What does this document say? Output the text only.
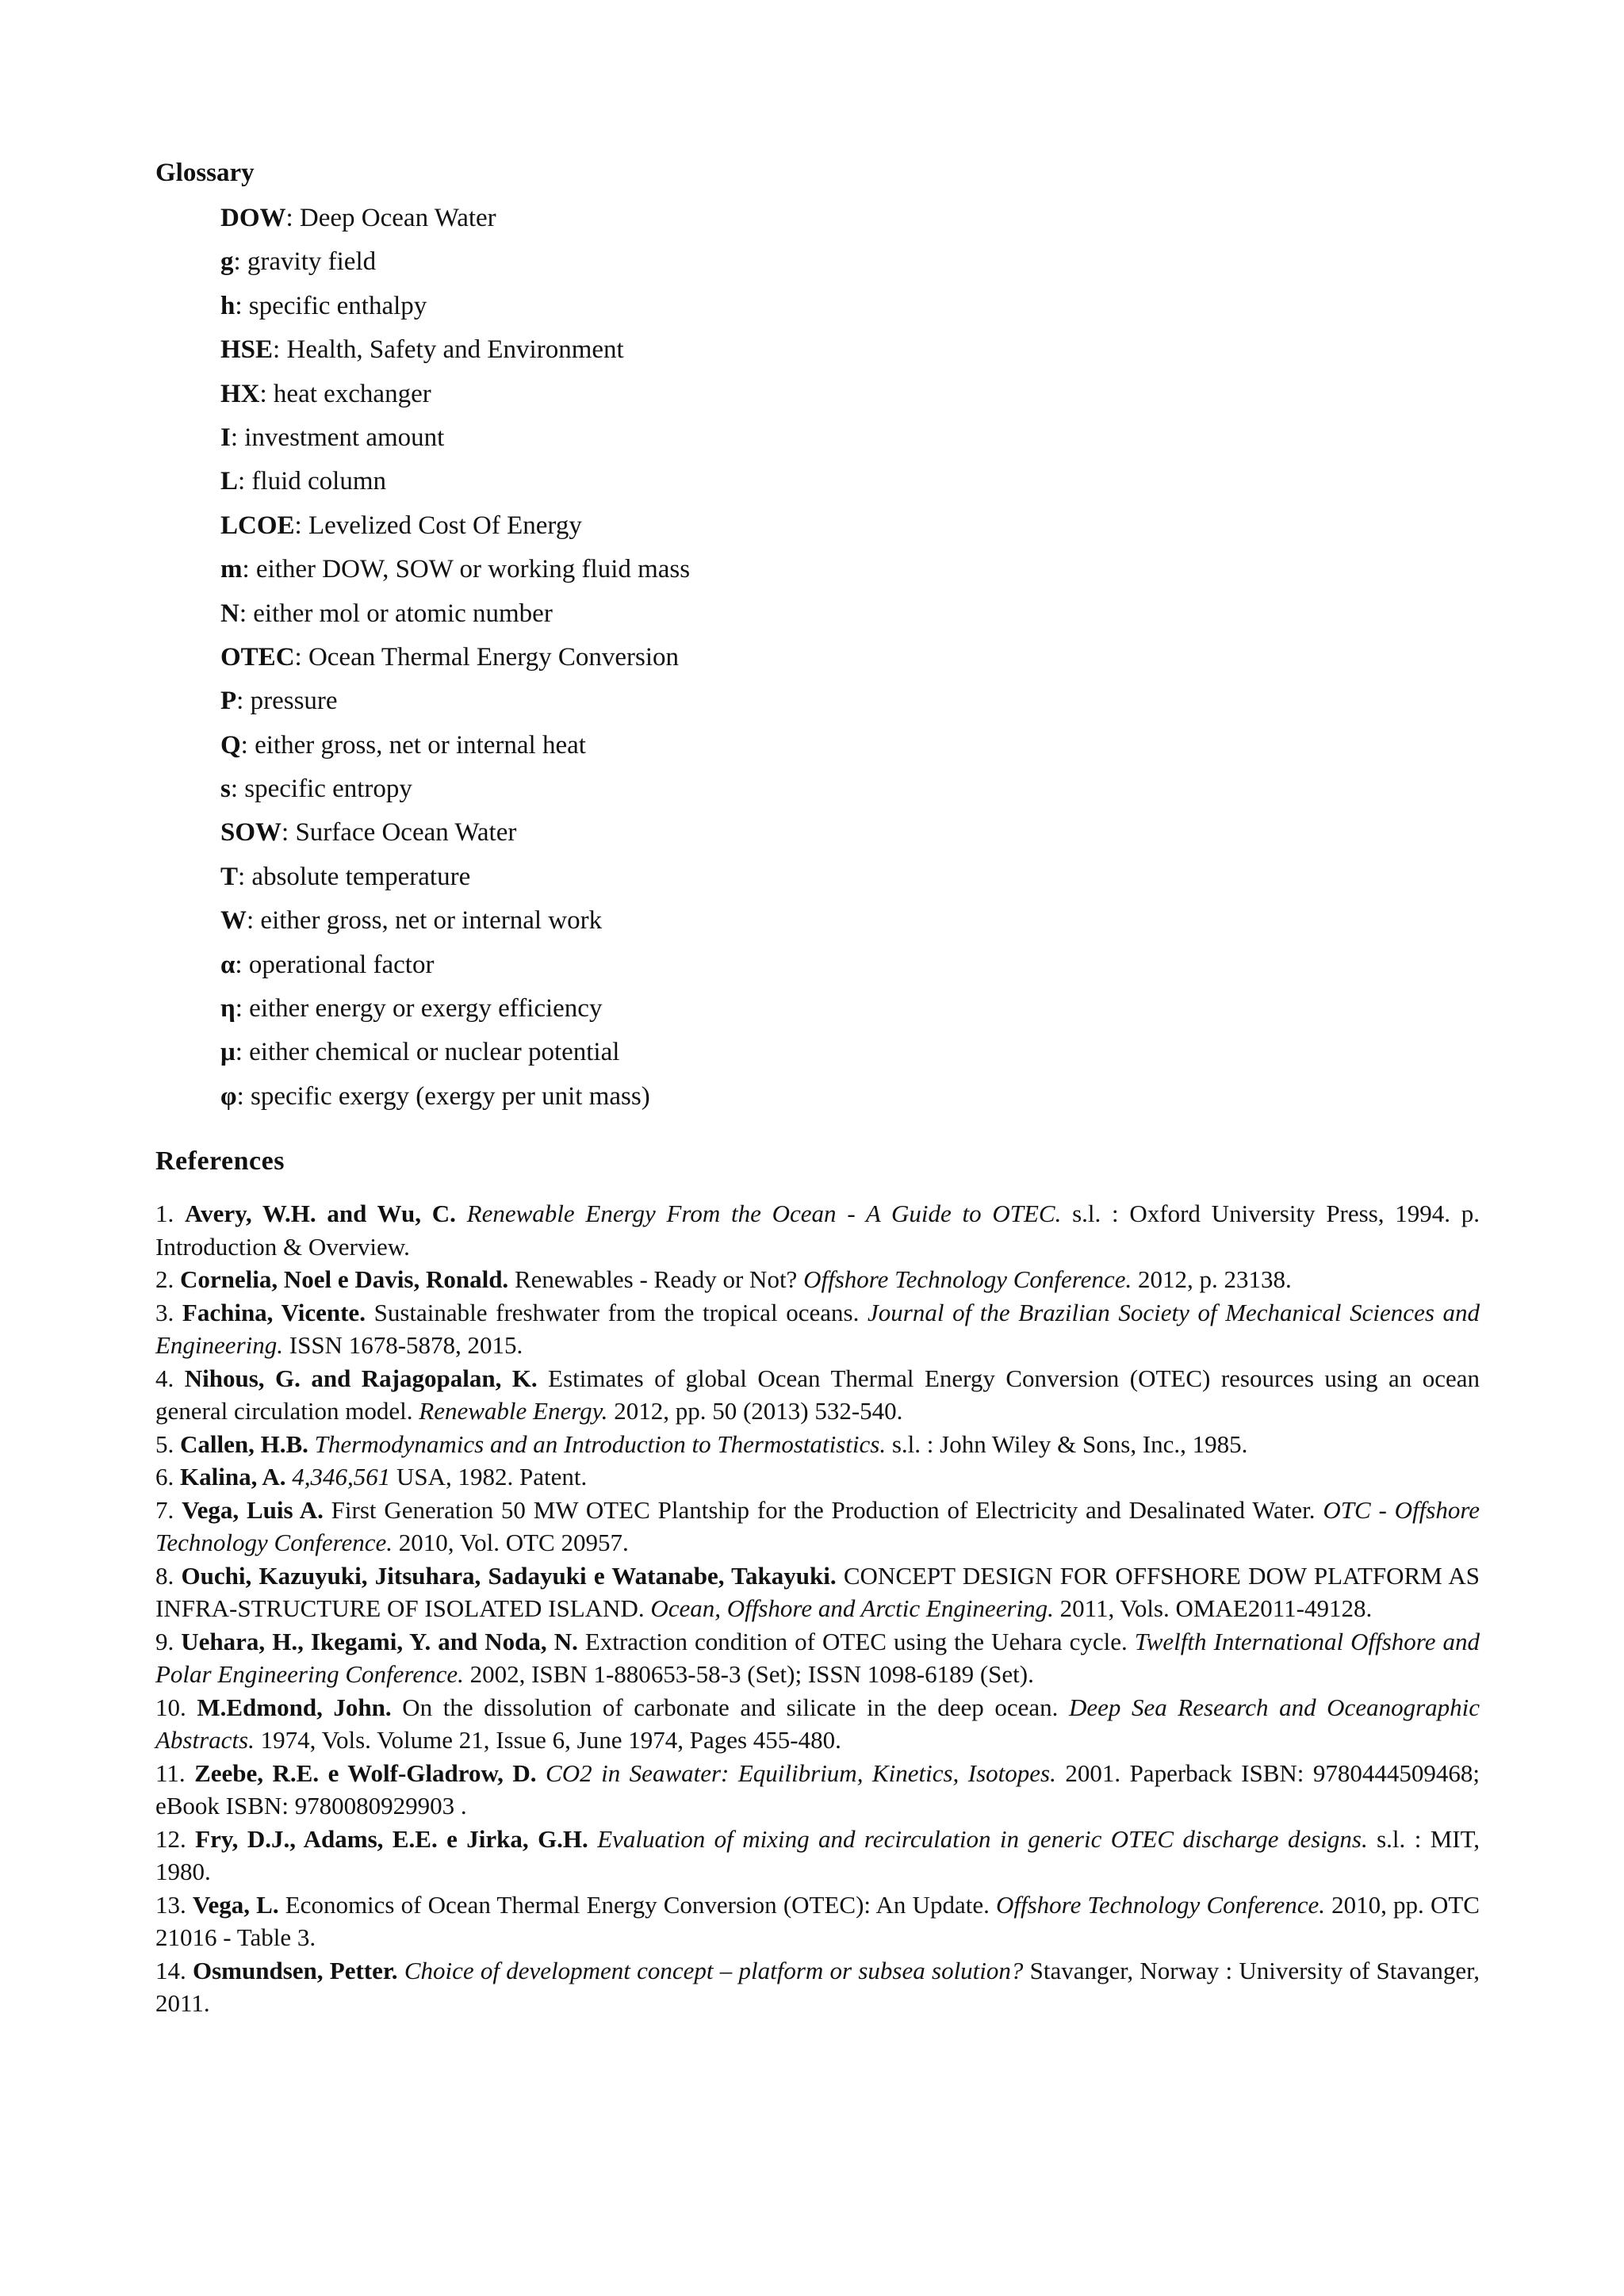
Glossary
DOW: Deep Ocean Water
g: gravity field
h: specific enthalpy
HSE: Health, Safety and Environment
HX: heat exchanger
I: investment amount
L: fluid column
LCOE: Levelized Cost Of Energy
m: either DOW, SOW or working fluid mass
N: either mol or atomic number
OTEC: Ocean Thermal Energy Conversion
P: pressure
Q: either gross, net or internal heat
s: specific entropy
SOW: Surface Ocean Water
T: absolute temperature
W: either gross, net or internal work
α: operational factor
η: either energy or exergy efficiency
μ: either chemical or nuclear potential
φ: specific exergy (exergy per unit mass)
References
1. Avery, W.H. and Wu, C. Renewable Energy From the Ocean - A Guide to OTEC. s.l. : Oxford University Press, 1994. p. Introduction & Overview.
2. Cornelia, Noel e Davis, Ronald. Renewables - Ready or Not? Offshore Technology Conference. 2012, p. 23138.
3. Fachina, Vicente. Sustainable freshwater from the tropical oceans. Journal of the Brazilian Society of Mechanical Sciences and Engineering. ISSN 1678-5878, 2015.
4. Nihous, G. and Rajagopalan, K. Estimates of global Ocean Thermal Energy Conversion (OTEC) resources using an ocean general circulation model. Renewable Energy. 2012, pp. 50 (2013) 532-540.
5. Callen, H.B. Thermodynamics and an Introduction to Thermostatistics. s.l. : John Wiley & Sons, Inc., 1985.
6. Kalina, A. 4,346,561 USA, 1982. Patent.
7. Vega, Luis A. First Generation 50 MW OTEC Plantship for the Production of Electricity and Desalinated Water. OTC - Offshore Technology Conference. 2010, Vol. OTC 20957.
8. Ouchi, Kazuyuki, Jitsuhara, Sadayuki e Watanabe, Takayuki. CONCEPT DESIGN FOR OFFSHORE DOW PLATFORM AS INFRA-STRUCTURE OF ISOLATED ISLAND. Ocean, Offshore and Arctic Engineering. 2011, Vols. OMAE2011-49128.
9. Uehara, H., Ikegami, Y. and Noda, N. Extraction condition of OTEC using the Uehara cycle. Twelfth International Offshore and Polar Engineering Conference. 2002, ISBN 1-880653-58-3 (Set); ISSN 1098-6189 (Set).
10. M.Edmond, John. On the dissolution of carbonate and silicate in the deep ocean. Deep Sea Research and Oceanographic Abstracts. 1974, Vols. Volume 21, Issue 6, June 1974, Pages 455-480.
11. Zeebe, R.E. e Wolf-Gladrow, D. CO2 in Seawater: Equilibrium, Kinetics, Isotopes. 2001. Paperback ISBN: 9780444509468; eBook ISBN: 9780080929903 .
12. Fry, D.J., Adams, E.E. e Jirka, G.H. Evaluation of mixing and recirculation in generic OTEC discharge designs. s.l. : MIT, 1980.
13. Vega, L. Economics of Ocean Thermal Energy Conversion (OTEC): An Update. Offshore Technology Conference. 2010, pp. OTC 21016 - Table 3.
14. Osmundsen, Petter. Choice of development concept – platform or subsea solution? Stavanger, Norway : University of Stavanger, 2011.
